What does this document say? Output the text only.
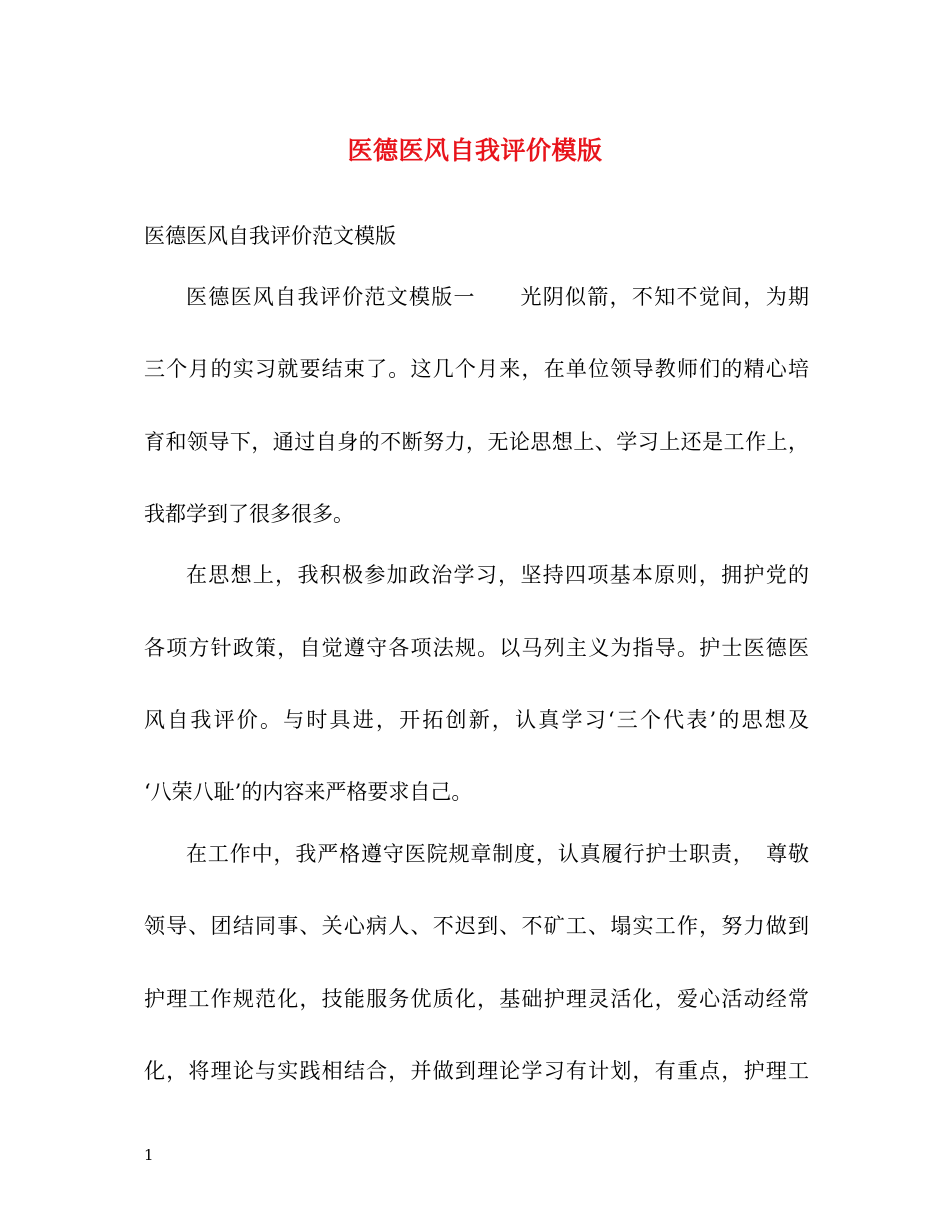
医德医风自我评价模版
医德医风自我评价范文模版
医德医风自我评价范文模版一　　光阴似箭，不知不觉间，为期
三个月的实习就要结束了。这几个月来，在单位领导教师们的精心培
育和领导下，通过自身的不断努力，无论思想上、学习上还是工作上，
我都学到了很多很多。
在思想上，我积极参加政治学习，坚持四项基本原则，拥护党的
各项方针政策，自觉遵守各项法规。以马列主义为指导。护士医德医
风自我评价。与时具进，开拓创新，认真学习‘三个代表’的思想及
‘八荣八耻’的内容来严格要求自己。
在工作中，我严格遵守医院规章制度，认真履行护士职责，　尊敬
领导、团结同事、关心病人、不迟到、不矿工、塌实工作，努力做到
护理工作规范化，技能服务优质化，基础护理灵活化，爱心活动经常
化，将理论与实践相结合，并做到理论学习有计划，有重点，护理工
1
